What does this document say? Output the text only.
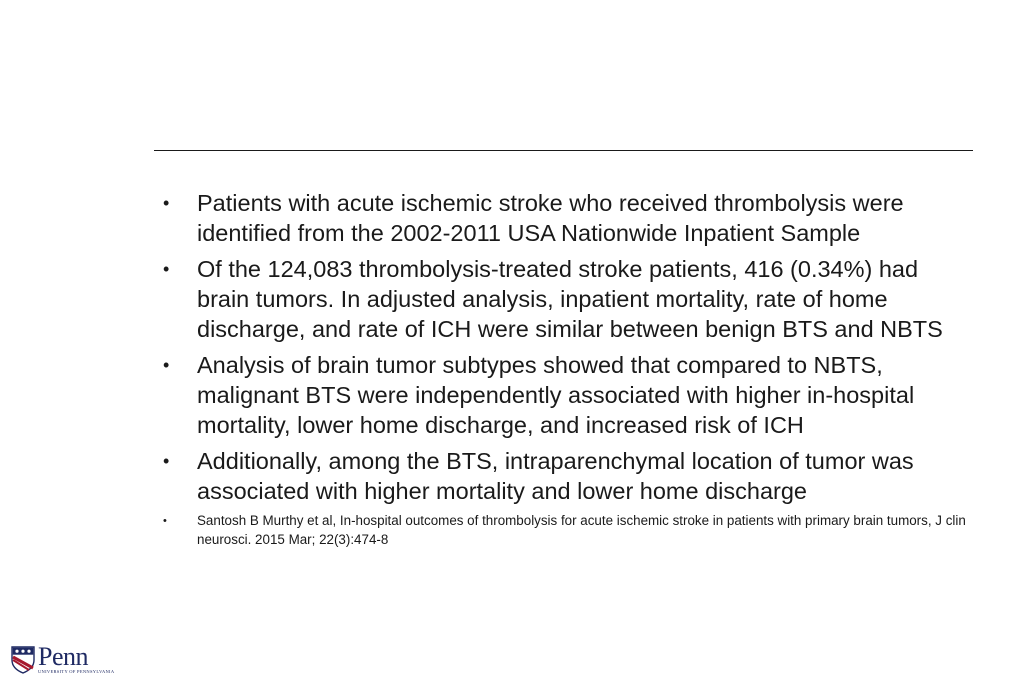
• Patients with acute ischemic stroke who received thrombolysis were identified from the 2002-2011 USA Nationwide Inpatient Sample
• Of the 124,083 thrombolysis-treated stroke patients, 416 (0.34%) had brain tumors. In adjusted analysis, inpatient mortality, rate of home discharge, and rate of ICH were similar between benign BTS and NBTS
• Analysis of brain tumor subtypes showed that compared to NBTS, malignant BTS were independently associated with higher in-hospital mortality, lower home discharge, and increased risk of ICH
• Additionally, among the BTS, intraparenchymal location of tumor was associated with higher mortality and lower home discharge
• Santosh B Murthy et al, In-hospital outcomes of thrombolysis for acute ischemic stroke in patients with primary brain tumors, J clin neurosci. 2015 Mar; 22(3):474-8
Penn
UNIVERSITY OF PENNSYLVANIA
